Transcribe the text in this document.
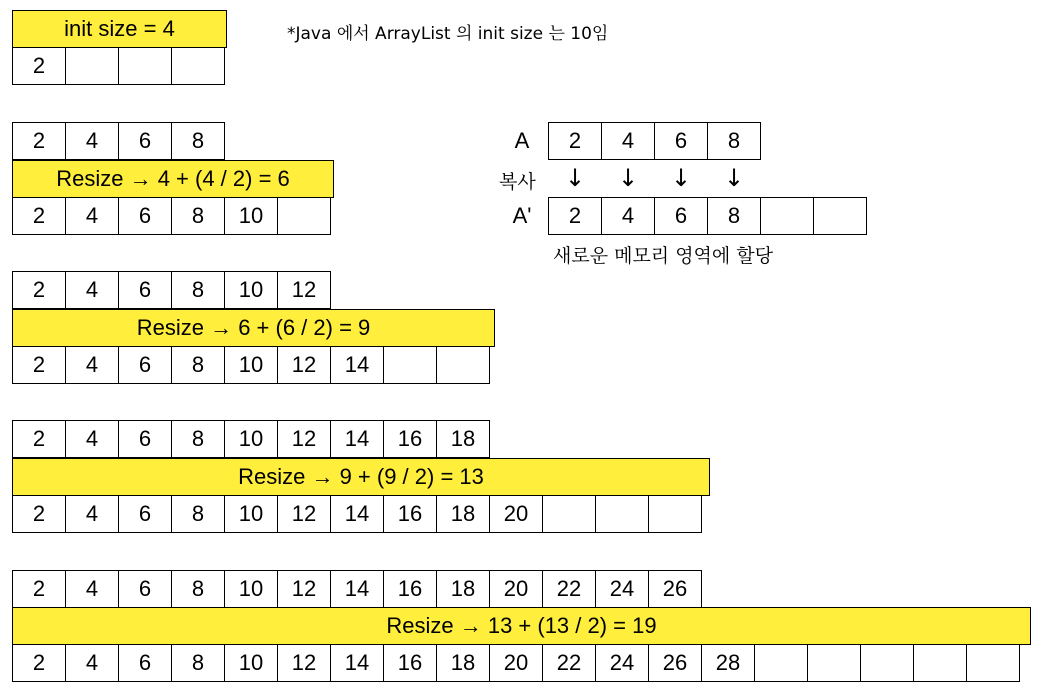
*Java 에서 ArrayList 의 init size 는 10임
init size = 4
2
2	4	6	8
Resize → 4 + (4 / 2) = 6
2	4	6	8	10
2	4	6	8	10	12
Resize → 6 + (6 / 2) = 9
2	4	6	8	10	12	14
2	4	6	8	10	12	14	16	18
Resize → 9 + (9 / 2) = 13
2	4	6	8	10	12	14	16	18	20
2	4	6	8	10	12	14	16	18	20	22	24	26
Resize → 13 + (13 / 2) = 19
2	4	6	8	10	12	14	16	18	20	22	24	26	28
A	2	4	6	8
복사	↓	↓	↓	↓
A'	2	4	6	8
새로운 메모리 영역에 할당
